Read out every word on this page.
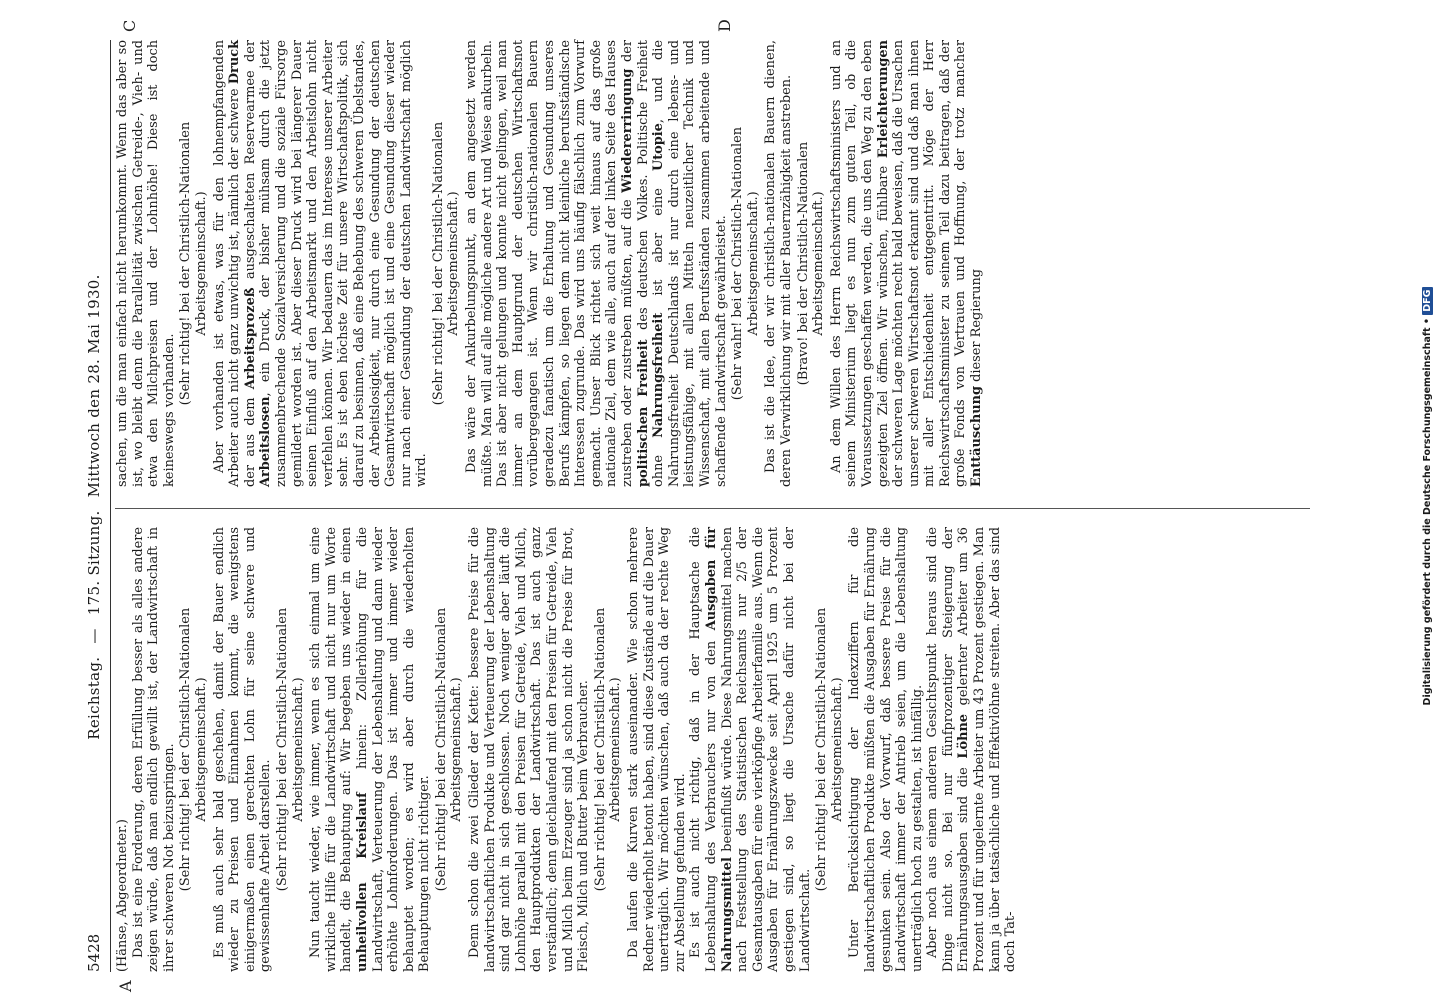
5428
Reichstag. — 175. Sitzung. Mittwoch den 28. Mai 1930.
A
C	D

(Hänse, Abgeordneter.) Das ist eine Forderung, deren Erfüllung besser als alles andere zeigen würde, daß man endlich gewillt ist, der Landwirtschaft in ihrer schweren Not beizuspringen. (Sehr richtig! bei der Christlich-Nationalen Arbeitsgemeinschaft.) Es muß auch sehr bald geschehen, damit der Bauer endlich wieder zu Preisen und Einnahmen kommt, die wenigstens einigermaßen einen gerechten Lohn für seine schwere und gewissenhafte Arbeit darstellen. (Sehr richtig! bei der Christlich-Nationalen Arbeitsgemeinschaft.) Nun taucht wieder, wie immer, wenn es sich einmal um eine wirkliche Hilfe für die Landwirtschaft und nicht nur um Worte handelt, die Behauptung auf: Wir begeben uns wieder in einen unheilvollen Kreislauf hinein: Zollerhöhung für die Landwirtschaft, Verteuerung der Lebenshaltung und dann wieder erhöhte Lohnforderungen. Das ist immer und immer wieder behauptet worden; es wird aber durch die wiederholten Behauptungen nicht richtiger. (Sehr richtig! bei der Christlich-Nationalen Arbeitsgemeinschaft.) Denn schon die zwei Glieder der Kette: bessere Preise für die landwirtschaftlichen Produkte und Verteuerung der Lebenshaltung sind gar nicht in sich geschlossen. Noch weniger aber läuft die Lohnhöhe parallel mit den Preisen für Getreide, Vieh und Milch, den Hauptprodukten der Landwirtschaft. Das ist auch ganz verständlich; denn gleichlaufend mit den Preisen für Getreide, Vieh und Milch beim Erzeuger sind ja schon nicht die Preise für Brot, Fleisch, Milch und Butter beim Verbraucher. (Sehr richtig! bei der Christlich-Nationalen Arbeitsgemeinschaft.) Da laufen die Kurven stark auseinander. Wie schon mehrere Redner wiederholt betont haben, sind diese Zustände auf die Dauer unerträglich. Wir möchten wünschen, daß auch da der rechte Weg zur Abstellung gefunden wird. Es ist auch nicht richtig, daß in der Hauptsache die Lebenshaltung des Verbrauchers nur von den Ausgaben für Nahrungsmittel beeinflußt würde. Diese Nahrungsmittel machen nach Feststellung des Statistischen Reichsamts nur 2/5 der Gesamtausgaben für eine vierköpfige Arbeiterfamilie aus. Wenn die Ausgaben für Ernährungszwecke seit April 1925 um 5 Prozent gestiegen sind, so liegt die Ursache dafür nicht bei der Landwirtschaft.

(Sehr richtig! bei der Christlich-Nationalen Arbeitsgemeinschaft.) Unter Berücksichtigung der Indexziffern für die landwirtschaftlichen Produkte müßten die Ausgaben für Ernährung gesunken sein. Also der Vorwurf, daß bessere Preise für die Landwirtschaft immer der Antrieb seien, um die Lebenshaltung unerträglich hoch zu gestalten, ist hinfällig. Aber noch aus einem anderen Gesichtspunkt heraus sind die Dinge nicht so. Bei nur fünfprozentiger Steigerung der Ernährungsausgaben sind die Löhne gelernter Arbeiter um 36 Prozent und für ungelernte Arbeiter um 43 Prozent gestiegen. Man kann ja über tatsächliche und Effektivlöhne streiten. Aber das sind doch Tat-

sachen, um die man einfach nicht herumkommt. Wenn das aber so ist, wo bleibt denn die Parallelität zwischen Getreide-, Vieh- und etwa den Milchpreisen und der Lohnhöhe! Diese ist doch keineswegs vorhanden.

(Sehr richtig! bei der Christlich-Nationalen Arbeitsgemeinschaft.) Aber vorhanden ist etwas, was für den lohnempfangenden Arbeiter auch nicht ganz unwichtig ist, nämlich der schwere Druck der aus dem Arbeitsprozeß ausgeschalteten Reservearmee der Arbeitslosen, ein Druck, der bisher mühsam durch die jetzt zusammenbrechende Sozialversicherung und die soziale Fürsorge gemildert worden ist. Aber dieser Druck wird bei längerer Dauer seinen Einfluß auf den Arbeitsmarkt und den Arbeitslohn nicht verfehlen können. Wir bedauern das im Interesse unserer Arbeiter sehr. Es ist eben höchste Zeit für unsere Wirtschaftspolitik, sich darauf zu besinnen, daß eine Behebung des schweren Übelstandes, der Arbeitslosigkeit, nur durch eine Gesundung der deutschen Gesamtwirtschaft möglich ist und eine Gesundung dieser wieder nur nach einer Gesundung der deutschen Landwirtschaft möglich wird.

(Sehr richtig! bei der Christlich-Nationalen Arbeitsgemeinschaft.) Das wäre der Ankurbelungspunkt, an dem angesetzt werden müßte. Man will auf alle mögliche andere Art und Weise ankurbeln. Das ist aber nicht gelungen und konnte nicht gelingen, weil man immer an dem Hauptgrund der deutschen Wirtschaftsnot vorübergegangen ist. Wenn wir christlich-nationalen Bauern geradezu fanatisch um die Erhaltung und Gesundung unseres Berufs kämpfen, so liegen dem nicht kleinliche berufsständische Interessen zugrunde. Das wird uns häufig fälschlich zum Vorwurf gemacht. Unser Blick richtet sich weit hinaus auf das große nationale Ziel, dem wie alle, auch auf der linken Seite des Hauses zustreben oder zustreben müßten, auf die Wiedererringung der politischen Freiheit des deutschen Volkes. Politische Freiheit ohne Nahrungsfreiheit ist aber eine Utopie, und die Nahrungsfreiheit Deutschlands ist nur durch eine lebens- und leistungsfähige, mit allen Mitteln neuzeitlicher Technik und Wissenschaft, mit allen Berufsständen zusammen arbeitende und schaffende Landwirtschaft gewährleistet. (Sehr wahr! bei der Christlich-Nationalen Arbeitsgemeinschaft.) Das ist die Idee, der wir christlich-nationalen Bauern dienen, deren Verwirklichung wir mit aller Bauernzähigkeit anstreben. (Bravo! bei der Christlich-Nationalen Arbeitsgemeinschaft.) An dem Willen des Herrn Reichswirtschaftsministers und an seinem Ministerium liegt es nun zum guten Teil, ob die Voraussetzungen geschaffen werden, die uns den Weg zu den eben gezeigten Ziel öffnen. Wir wünschen, fühlbare Erleichterungen der schweren Lage möchten recht bald beweisen, daß die Ursachen unserer schweren Wirtschaftsnot erkannt sind und daß man ihnen mit aller Entschiedenheit entgegentritt. Möge der Herr Reichswirtschaftsminister zu seinem Teil dazu beitragen, daß der große Fonds von Vertrauen und Hoffnung, der trotz mancher Enttäuschung dieser Regierung	Digitalisierung gefördert durch die Deutsche Forschungsgemeinschaft • DFG
